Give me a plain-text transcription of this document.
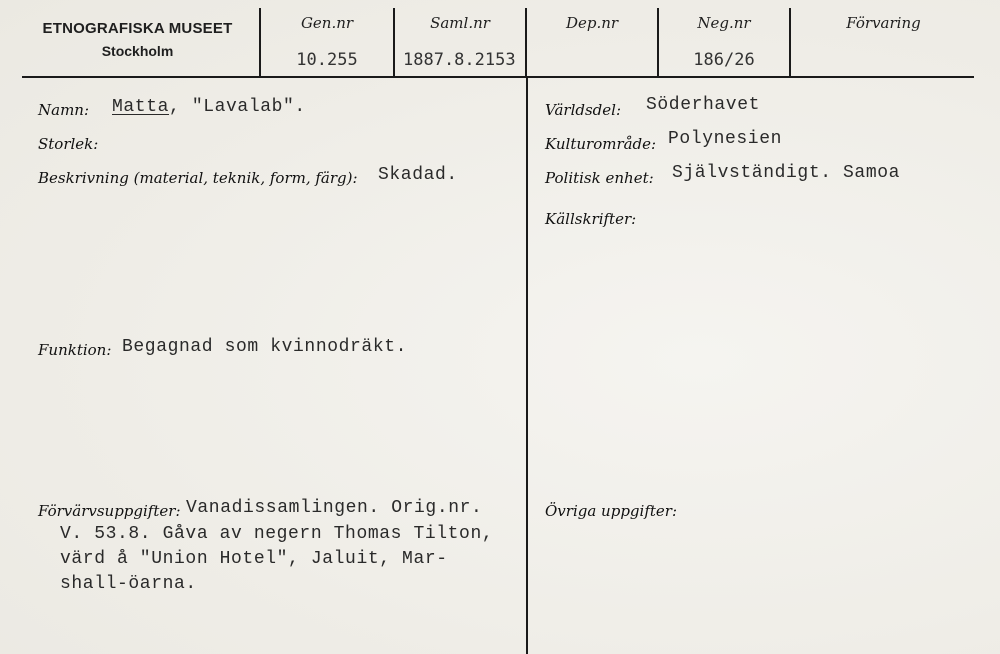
ETNOGRAFISKA MUSEET
Stockholm
Gen.nr
10.255
Saml.nr
1887.8.2153
Dep.nr	Neg.nr
186/26
Förvaring
Namn: Matta, "Lavalab".
Storlek:
Beskrivning (material, teknik, form, färg): Skadad.
Funktion: Begagnad som kvinnodräkt.
Förvärvsuppgifter: Vanadissamlingen. Orig.nr.
V. 53.8. Gåva av negern Thomas Tilton,
värd å "Union Hotel", Jaluit, Mar-
shall-öarna.
Världsdel: Söderhavet
Kulturområde: Polynesien
Politisk enhet: Självständigt. Samoa
Källskrifter:
Övriga uppgifter:
